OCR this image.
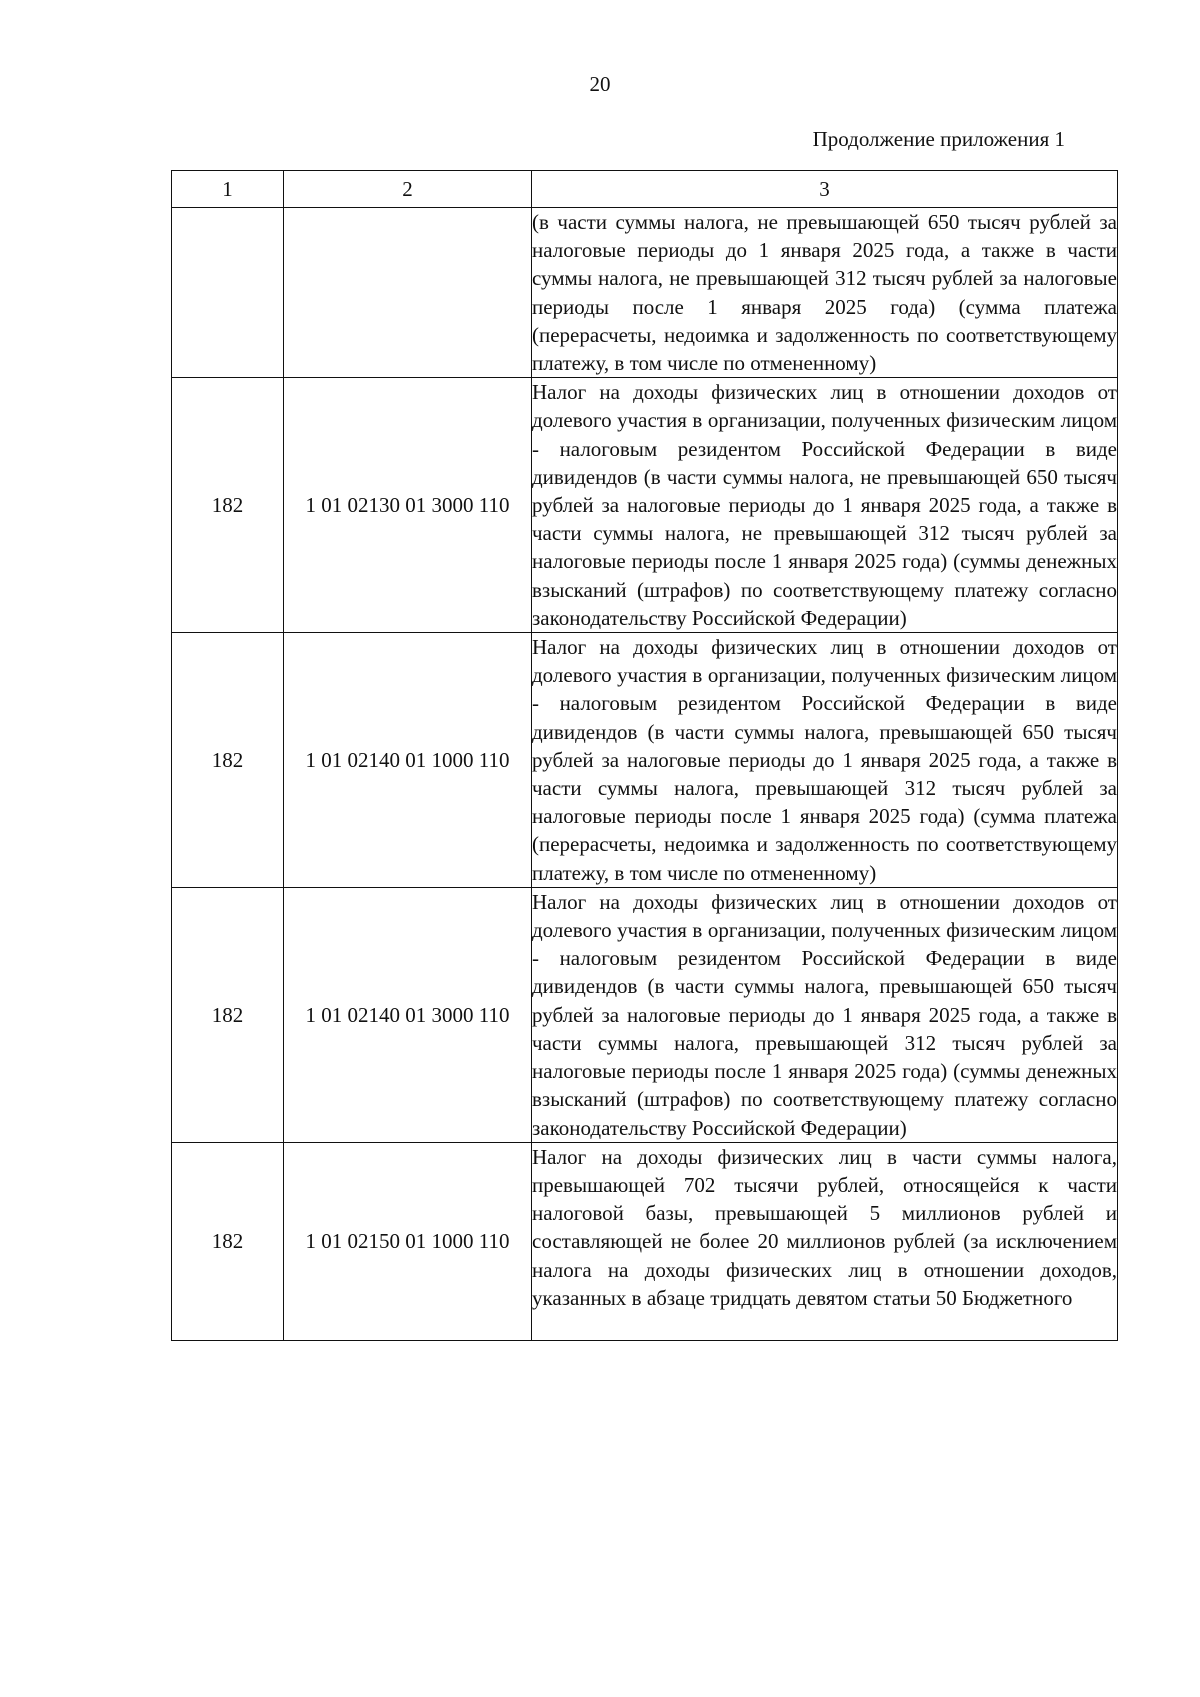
20
Продолжение приложения 1
1	2	3
		(в части суммы налога, не превышающей 650 тысяч рублей за налоговые периоды до 1 января 2025 года, а также в части суммы налога, не превышающей 312 тысяч рублей за налоговые периоды после 1 января 2025 года) (сумма платежа (перерасчеты, недоимка и задолженность по соответствующему платежу, в том числе по отмененному)
182	1 01 02130 01 3000 110	Налог на доходы физических лиц в отношении доходов от долевого участия в организации, полученных физическим лицом - налоговым резидентом Российской Федерации в виде дивидендов (в части суммы налога, не превышающей 650 тысяч рублей за налоговые периоды до 1 января 2025 года, а также в части суммы налога, не превышающей 312 тысяч рублей за налоговые периоды после 1 января 2025 года) (суммы денежных взысканий (штрафов) по соответствующему платежу согласно законодательству Российской Федерации)
182	1 01 02140 01 1000 110	Налог на доходы физических лиц в отношении доходов от долевого участия в организации, полученных физическим лицом - налоговым резидентом Российской Федерации в виде дивидендов (в части суммы налога, превышающей 650 тысяч рублей за налоговые периоды до 1 января 2025 года, а также в части суммы налога, превышающей 312 тысяч рублей за налоговые периоды после 1 января 2025 года) (сумма платежа (перерасчеты, недоимка и задолженность по соответствующему платежу, в том числе по отмененному)
182	1 01 02140 01 3000 110	Налог на доходы физических лиц в отношении доходов от долевого участия в организации, полученных физическим лицом - налоговым резидентом Российской Федерации в виде дивидендов (в части суммы налога, превышающей 650 тысяч рублей за налоговые периоды до 1 января 2025 года, а также в части суммы налога, превышающей 312 тысяч рублей за налоговые периоды после 1 января 2025 года) (суммы денежных взысканий (штрафов) по соответствующему платежу согласно законодательству Российской Федерации)
182	1 01 02150 01 1000 110	Налог на доходы физических лиц в части суммы налога, превышающей 702 тысячи рублей, относящейся к части налоговой базы, превышающей 5 миллионов рублей и составляющей не более 20 миллионов рублей (за исключением налога на доходы физических лиц в отношении доходов, указанных в абзаце тридцать девятом статьи 50 Бюджетного
